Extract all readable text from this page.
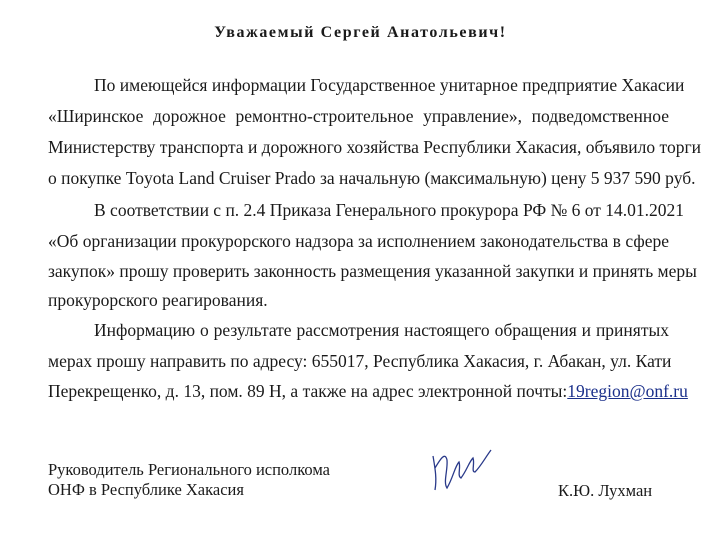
Уважаемый Сергей Анатольевич!
По имеющейся информации Государственное унитарное предприятие Хакасии
«Ширинское дорожное ремонтно-строительное управление», подведомственное
Министерству транспорта и дорожного хозяйства Республики Хакасия, объявило торги
о покупке Toyota Land Cruiser Prado за начальную (максимальную) цену 5 937 590 руб.
В соответствии с п. 2.4 Приказа Генерального прокурора РФ № 6 от 14.01.2021
«Об организации прокурорского надзора за исполнением законодательства в сфере
закупок» прошу проверить законность размещения указанной закупки и принять меры
прокурорского реагирования.
Информацию о результате рассмотрения настоящего обращения и принятых
мерах прошу направить по адресу: 655017, Республика Хакасия, г. Абакан, ул. Кати
Перекрещенко, д. 13, пом. 89 Н, а также на адрес электронной почты: 19region@onf.ru
Руководитель Регионального исполкома
ОНФ в Республике Хакасия	К.Ю. Лухман
